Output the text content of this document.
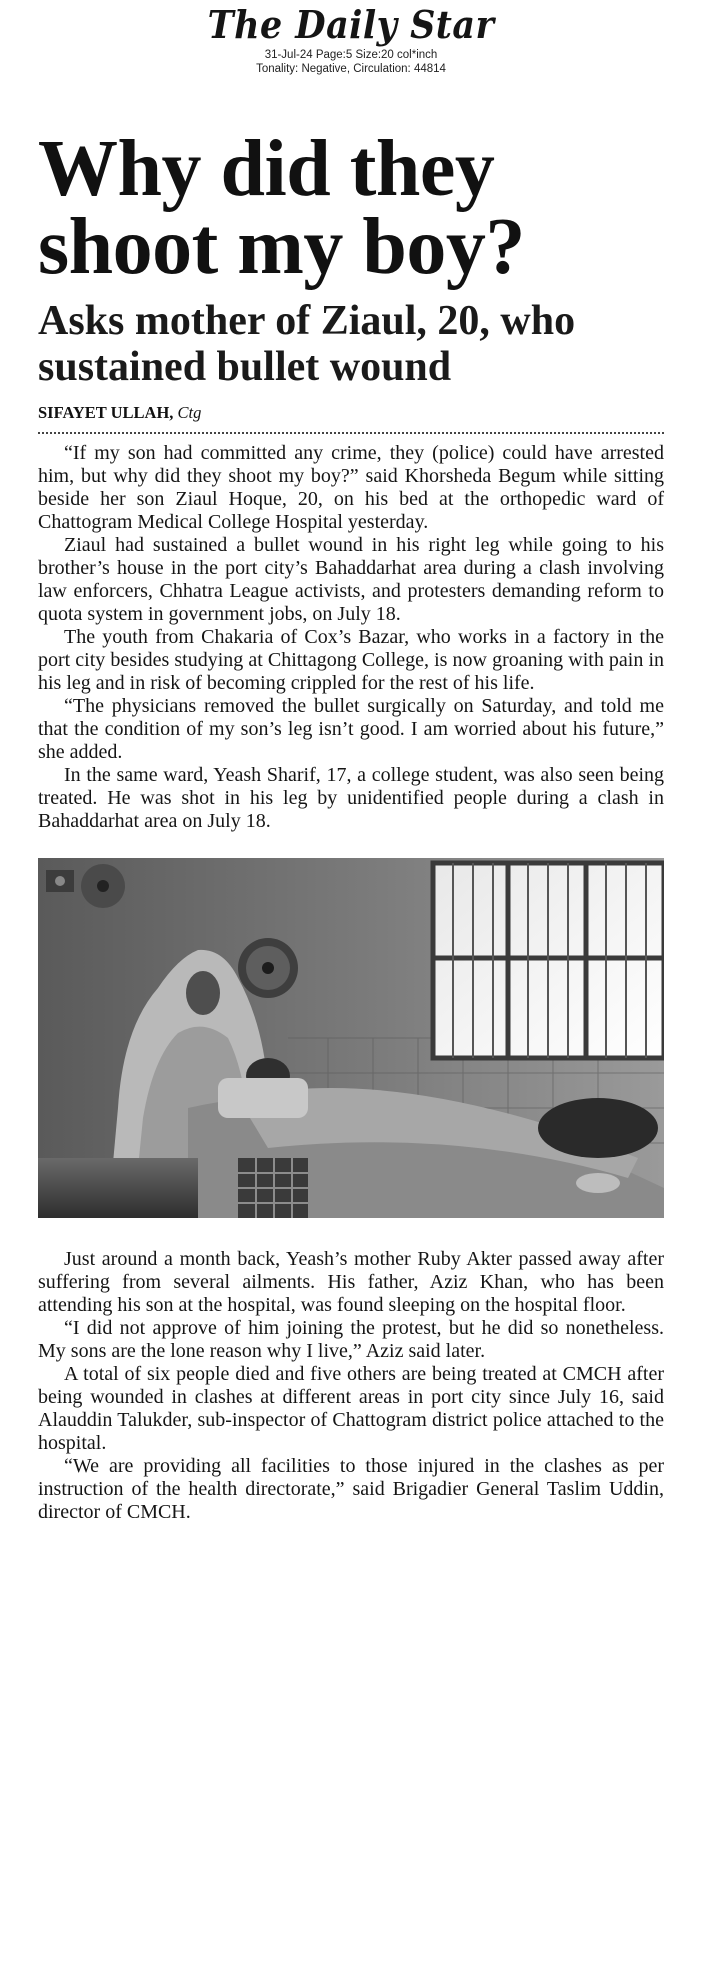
The Daily Star
31-Jul-24 Page:5 Size:20 col*inch
Tonality: Negative, Circulation: 44814
Why did they
shoot my boy?
Asks mother of Ziaul, 20, who
sustained bullet wound
SIFAYET ULLAH, Ctg

“If my son had committed any crime, they (police) could have arrested him, but why did they shoot my boy?” said Khorsheda Begum while sitting beside her son Ziaul Hoque, 20, on his bed at the orthopedic ward of Chattogram Medical College Hospital yesterday.

Ziaul had sustained a bullet wound in his right leg while going to his brother’s house in the port city’s Bahaddarhat area during a clash involving law enforcers, Chhatra League activists, and protesters demanding reform to quota system in government jobs, on July 18.

The youth from Chakaria of Cox’s Bazar, who works in a factory in the port city besides studying at Chittagong College, is now groaning with pain in his leg and in risk of becoming crippled for the rest of his life.

“The physicians removed the bullet surgically on Saturday, and told me that the condition of my son’s leg isn’t good. I am worried about his future,” she added.

In the same ward, Yeash Sharif, 17, a college student, was also seen being treated. He was shot in his leg by unidentified people during a clash in Bahaddarhat area on July 18.

Just around a month back, Yeash’s mother Ruby Akter passed away after suffering from several ailments. His father, Aziz Khan, who has been attending his son at the hospital, was found sleeping on the hospital floor.

“I did not approve of him joining the protest, but he did so nonetheless. My sons are the lone reason why I live,” Aziz said later.

A total of six people died and five others are being treated at CMCH after being wounded in clashes at different areas in port city since July 16, said Alauddin Talukder, sub-inspector of Chattogram district police attached to the hospital.

“We are providing all facilities to those injured in the clashes as per instruction of the health directorate,” said Brigadier General Taslim Uddin, director of CMCH.
